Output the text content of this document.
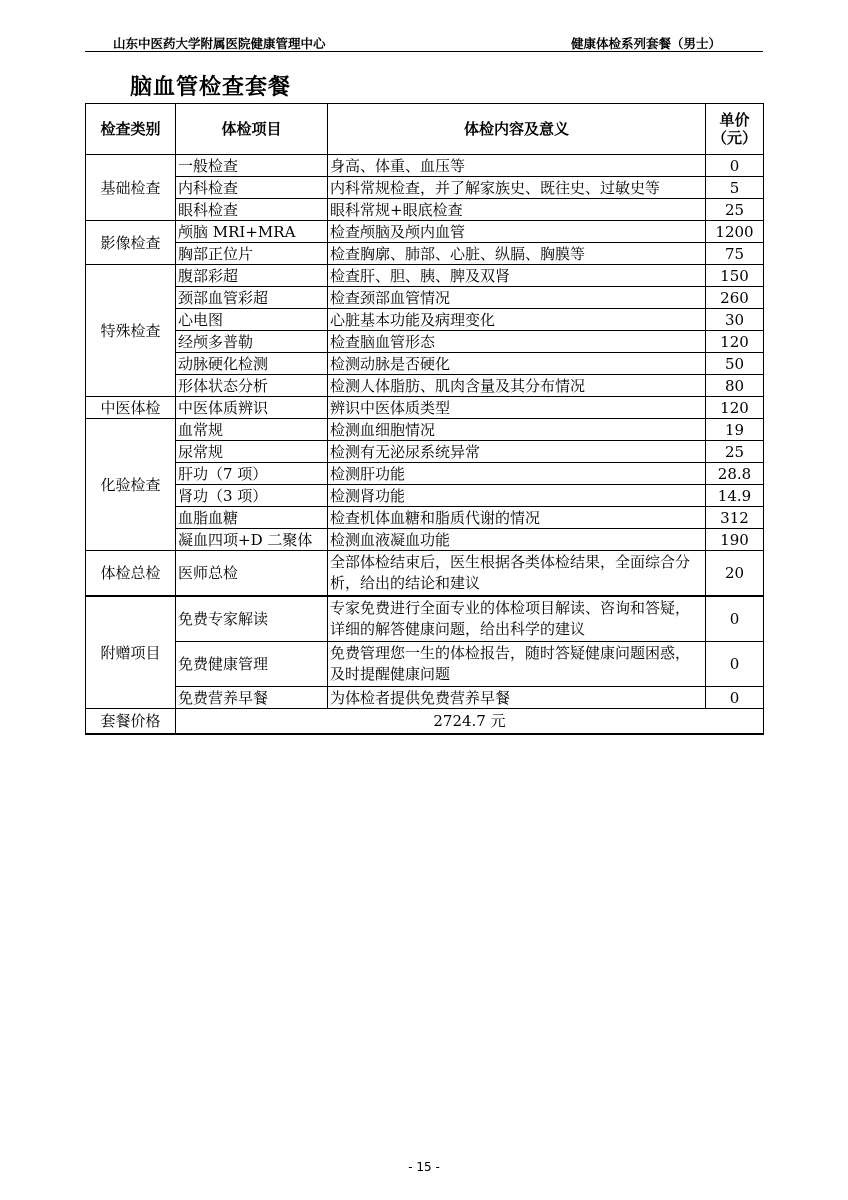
山东中医药大学附属医院健康管理中心	健康体检系列套餐（男士）
脑血管检查套餐
检查类别	体检项目	体检内容及意义	单价
（元）

基础检查	一般检查	身高、体重、血压等	0
	内科检查	内科常规检查，并了解家族史、既往史、过敏史等	5
	眼科检查	眼科常规+眼底检查	25
影像检查	颅脑 MRI+MRA	检查颅脑及颅内血管	1200
	胸部正位片	检查胸廓、肺部、心脏、纵膈、胸膜等	75
特殊检查	腹部彩超	检查肝、胆、胰、脾及双肾	150
	颈部血管彩超	检查颈部血管情况	260
	心电图	心脏基本功能及病理变化	30
	经颅多普勒	检查脑血管形态	120
	动脉硬化检测	检测动脉是否硬化	50
	形体状态分析	检测人体脂肪、肌肉含量及其分布情况	80
中医体检	中医体质辨识	辨识中医体质类型	120
化验检查	血常规	检测血细胞情况	19
	尿常规	检测有无泌尿系统异常	25
	肝功（7 项）	检测肝功能	28.8
	肾功（3 项）	检测肾功能	14.9
	血脂血糖	检查机体血糖和脂质代谢的情况	312
	凝血四项+D 二聚体	检测血液凝血功能	190
体检总检	医师总检	全部体检结束后，医生根据各类体检结果，全面综合分析，给出的结论和建议	20
附赠项目	免费专家解读	专家免费进行全面专业的体检项目解读、咨询和答疑，详细的解答健康问题，给出科学的建议	0
	免费健康管理	免费管理您一生的体检报告，随时答疑健康问题困惑，及时提醒健康问题	0
	免费营养早餐	为体检者提供免费营养早餐	0
套餐价格	2724.7 元		
- 15 -
